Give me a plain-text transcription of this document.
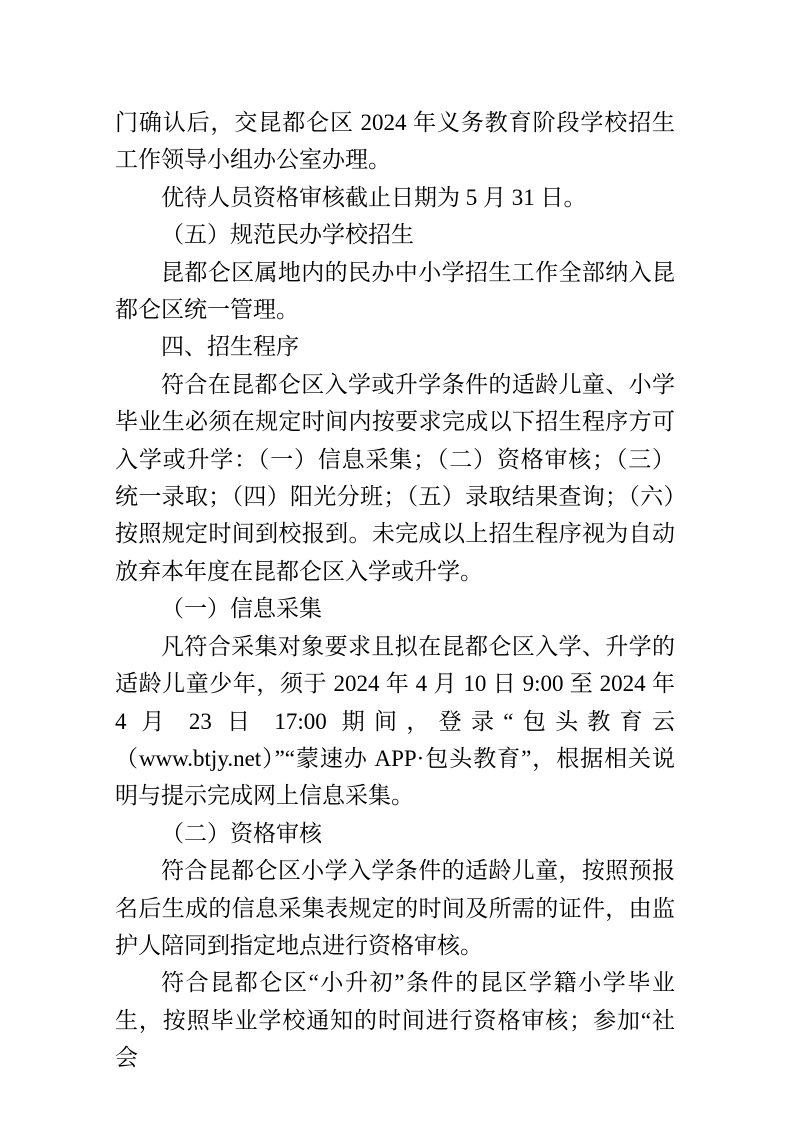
门确认后，交昆都仑区 2024 年义务教育阶段学校招生工作领导小组办公室办理。

优待人员资格审核截止日期为 5 月 31 日。

（五）规范民办学校招生

昆都仑区属地内的民办中小学招生工作全部纳入昆都仑区统一管理。

四、招生程序

符合在昆都仑区入学或升学条件的适龄儿童、小学毕业生必须在规定时间内按要求完成以下招生程序方可入学或升学：（一）信息采集；（二）资格审核；（三）统一录取；（四）阳光分班；（五）录取结果查询；（六）按照规定时间到校报到。未完成以上招生程序视为自动放弃本年度在昆都仑区入学或升学。

（一）信息采集

凡符合采集对象要求且拟在昆都仑区入学、升学的适龄儿童少年，须于 2024 年 4 月 10 日 9:00 至 2024 年 4 月 23 日 17:00 期间，登录“包头教育云（www.btjy.net）”“蒙速办 APP·包头教育”，根据相关说明与提示完成网上信息采集。

（二）资格审核

符合昆都仑区小学入学条件的适龄儿童，按照预报名后生成的信息采集表规定的时间及所需的证件，由监护人陪同到指定地点进行资格审核。

符合昆都仑区“小升初”条件的昆区学籍小学毕业生，按照毕业学校通知的时间进行资格审核；参加“社会
